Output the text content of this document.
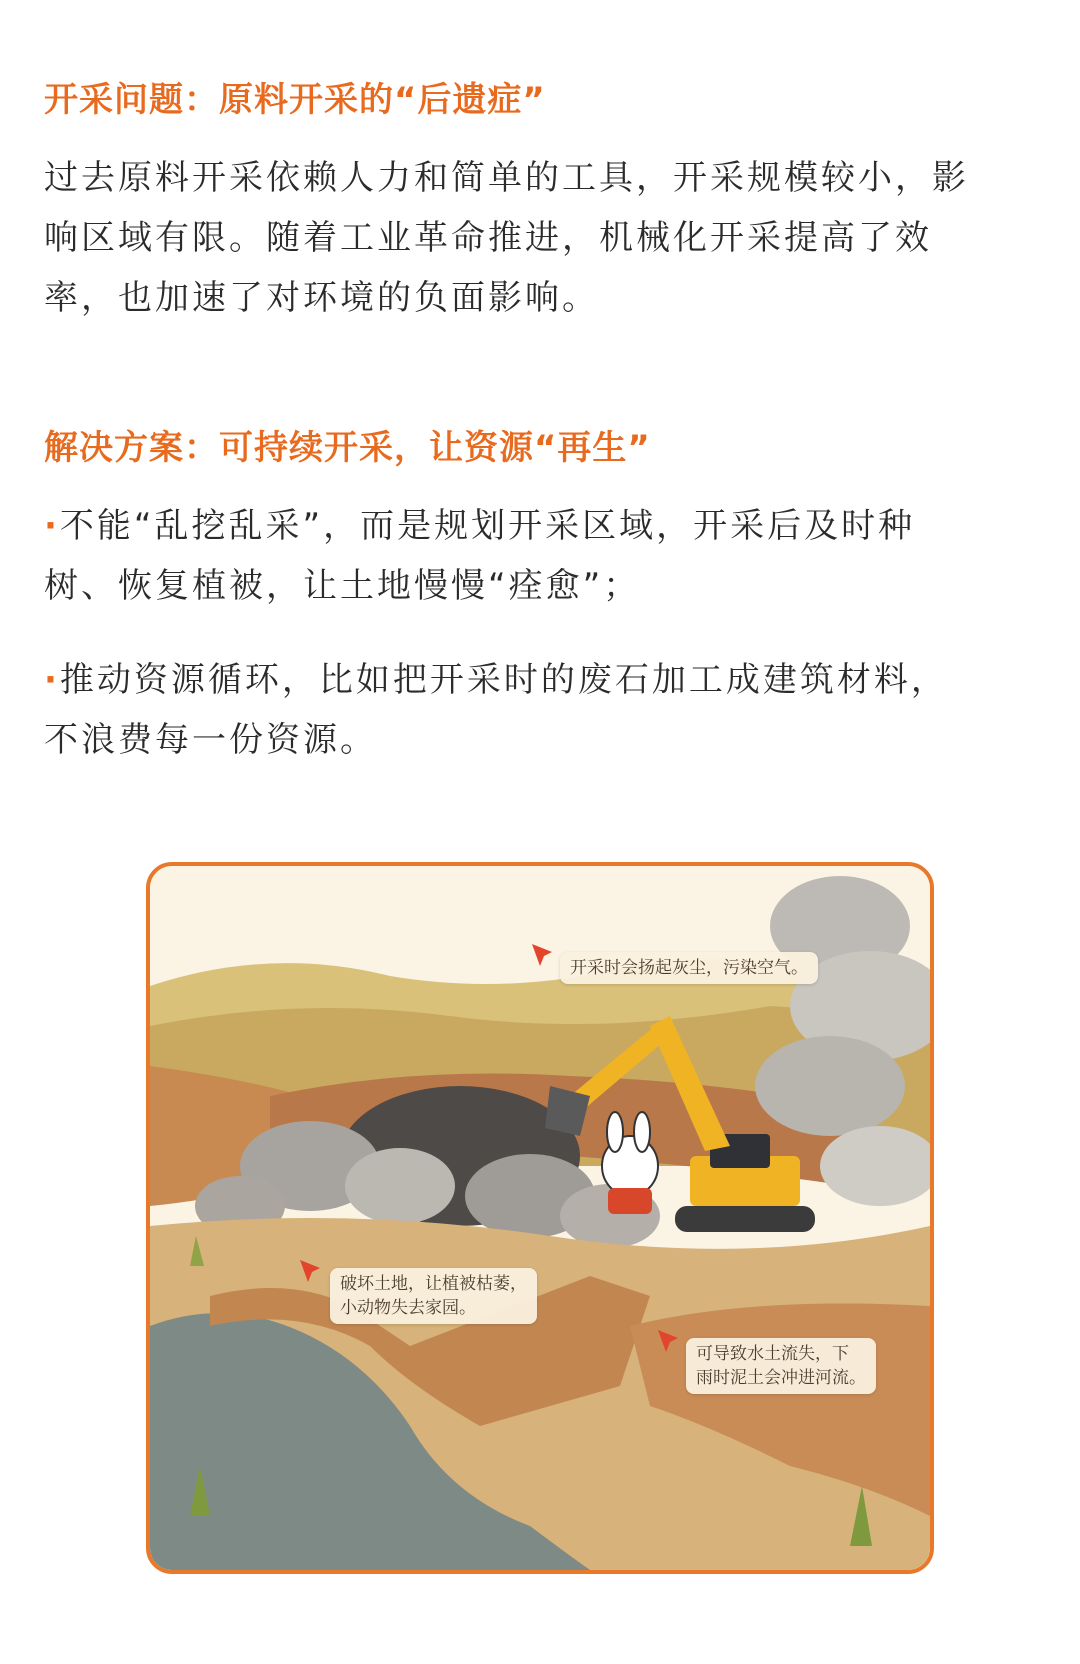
开采问题：原料开采的“后遗症”

过去原料开采依赖人力和简单的工具，开采规模较小，影
响区域有限。随着工业革命推进，机械化开采提高了效
率，也加速了对环境的负面影响。

解决方案：可持续开采，让资源“再生”

·不能“乱挖乱采”，而是规划开采区域，开采后及时种
树、恢复植被，让土地慢慢“痊愈”；

·推动资源循环，比如把开采时的废石加工成建筑材料，
不浪费每一份资源。

开采时会扬起灰尘，污染空气。
破坏土地，让植被枯萎，
小动物失去家园。
可导致水土流失，下
雨时泥土会冲进河流。
